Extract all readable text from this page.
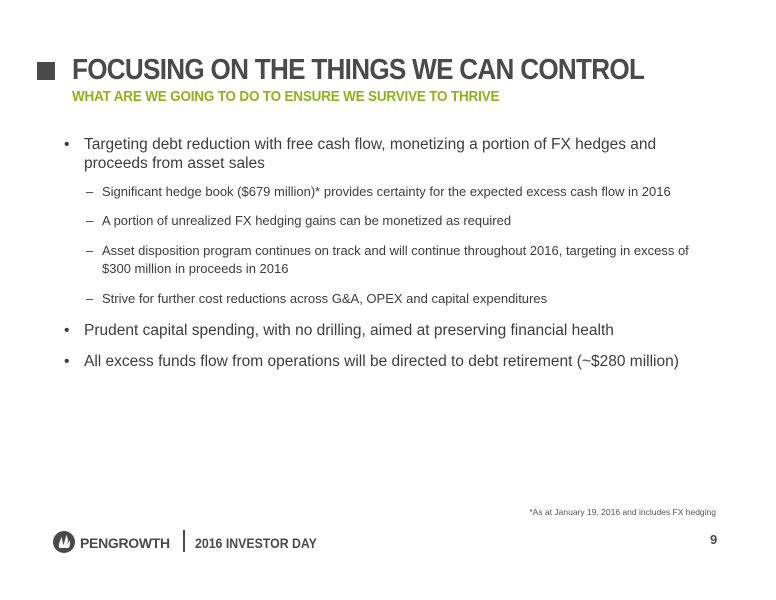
FOCUSING ON THE THINGS WE CAN CONTROL
WHAT ARE WE GOING TO DO TO ENSURE WE SURVIVE TO THRIVE
• Targeting debt reduction with free cash flow, monetizing a portion of FX hedges and proceeds from asset sales
– Significant hedge book ($679 million)* provides certainty for the expected excess cash flow in 2016
– A portion of unrealized FX hedging gains can be monetized as required
– Asset disposition program continues on track and will continue throughout 2016, targeting in excess of $300 million in proceeds in 2016
– Strive for further cost reductions across G&A, OPEX and capital expenditures
• Prudent capital spending, with no drilling, aimed at preserving financial health
• All excess funds flow from operations will be directed to debt retirement (~$280 million)
*As at January 19, 2016 and includes FX hedging
PENGROWTH 2016 INVESTOR DAY	9
